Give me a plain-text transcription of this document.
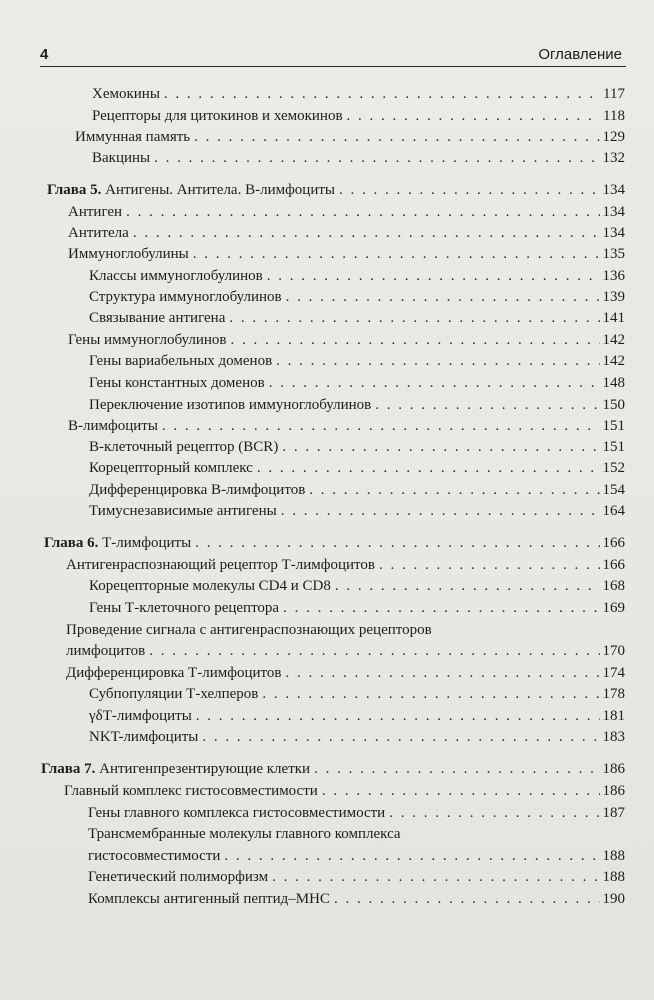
4	Оглавление
Хемокины . . .	117
Рецепторы для цитокинов и хемокинов . . .	118
Иммунная память . . .	129
Вакцины . . .	132
Глава 5. Антигены. Антитела. B-лимфоциты . . .	134
Антиген . . .	134
Антитела . . .	134
Иммуноглобулины . . .	135
Классы иммуноглобулинов . . .	136
Структура иммуноглобулинов . . .	139
Связывание антигена . . .	141
Гены иммуноглобулинов . . .	142
Гены вариабельных доменов . . .	142
Гены константных доменов . . .	148
Переключение изотипов иммуноглобулинов . . .	150
B-лимфоциты . . .	151
B-клеточный рецептор (BCR) . . .	151
Корецепторный комплекс . . .	152
Дифференцировка B-лимфоцитов . . .	154
Тимуснезависимые антигены . . .	164
Глава 6. Т-лимфоциты . . .	166
Антигенраспознающий рецептор Т-лимфоцитов . . .	166
Корецепторные молекулы CD4 и CD8 . . .	168
Гены Т-клеточного рецептора . . .	169
Проведение сигнала с антигенраспознающих рецепторов
лимфоцитов . . .	170
Дифференцировка Т-лимфоцитов . . .	174
Субпопуляции Т-хелперов . . .	178
γδТ-лимфоциты . . .	181
NKT-лимфоциты . . .	183
Глава 7. Антигенпрезентирующие клетки . . .	186
Главный комплекс гистосовместимости . . .	186
Гены главного комплекса гистосовместимости . . .	187
Трансмембранные молекулы главного комплекса
гистосовместимости . . .	188
Генетический полиморфизм . . .	188
Комплексы антигенный пептид–MHC . . .	190
